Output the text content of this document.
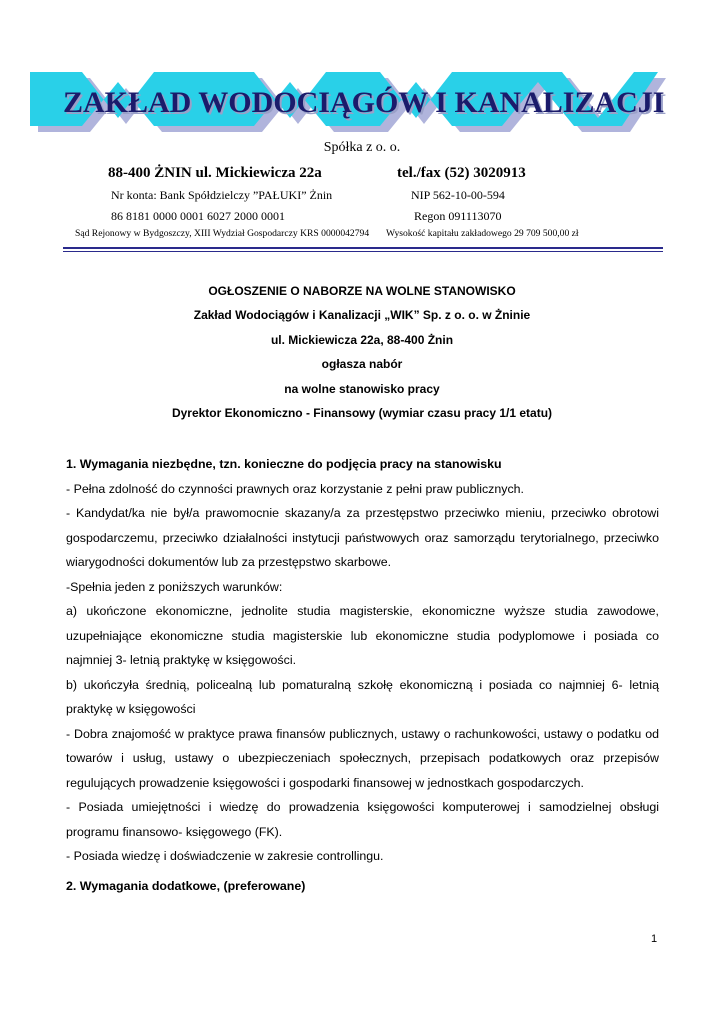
ZAKŁAD WODOCIĄGÓW I KANALIZACJI
Spółka z o. o.
88-400 ŻNIN ul. Mickiewicza 22a	tel./fax (52) 3020913
Nr konta: Bank Spółdzielczy ”PAŁUKI” Żnin	NIP 562-10-00-594
86 8181 0000 0001 6027 2000 0001	Regon 091113070
Sąd Rejonowy w Bydgoszczy, XIII Wydział Gospodarczy KRS 0000042794 Wysokość kapitału zakładowego 29 709 500,00 zł
OGŁOSZENIE O NABORZE NA WOLNE STANOWISKO
Zakład Wodociągów i Kanalizacji „WIK” Sp. z o. o. w Żninie
ul. Mickiewicza 22a, 88-400 Żnin
ogłasza nabór
na wolne stanowisko pracy
Dyrektor Ekonomiczno - Finansowy (wymiar czasu pracy 1/1 etatu)

1. Wymagania niezbędne, tzn. konieczne do podjęcia pracy na stanowisku

- Pełna zdolność do czynności prawnych oraz korzystanie z pełni praw publicznych.

- Kandydat/ka nie był/a prawomocnie skazany/a za przestępstwo przeciwko mieniu, przeciwko obrotowi gospodarczemu, przeciwko działalności instytucji państwowych oraz samorządu terytorialnego, przeciwko wiarygodności dokumentów lub za przestępstwo skarbowe.

-Spełnia jeden z poniższych warunków:

a) ukończone ekonomiczne, jednolite studia magisterskie, ekonomiczne wyższe studia zawodowe, uzupełniające ekonomiczne studia magisterskie lub ekonomiczne studia podyplomowe i posiada co najmniej 3- letnią praktykę w księgowości.

b) ukończyła średnią, policealną lub pomaturalną szkołę ekonomiczną i posiada co najmniej 6- letnią praktykę w księgowości

- Dobra znajomość w praktyce prawa finansów publicznych, ustawy o rachunkowości, ustawy o podatku od towarów i usług, ustawy o ubezpieczeniach społecznych, przepisach podatkowych oraz przepisów regulujących prowadzenie księgowości i gospodarki finansowej w jednostkach gospodarczych.

- Posiada umiejętności i wiedzę do prowadzenia księgowości komputerowej i samodzielnej obsługi programu finansowo- księgowego (FK).

- Posiada wiedzę i doświadczenie w zakresie controllingu.

2. Wymagania dodatkowe, (preferowane)
1
